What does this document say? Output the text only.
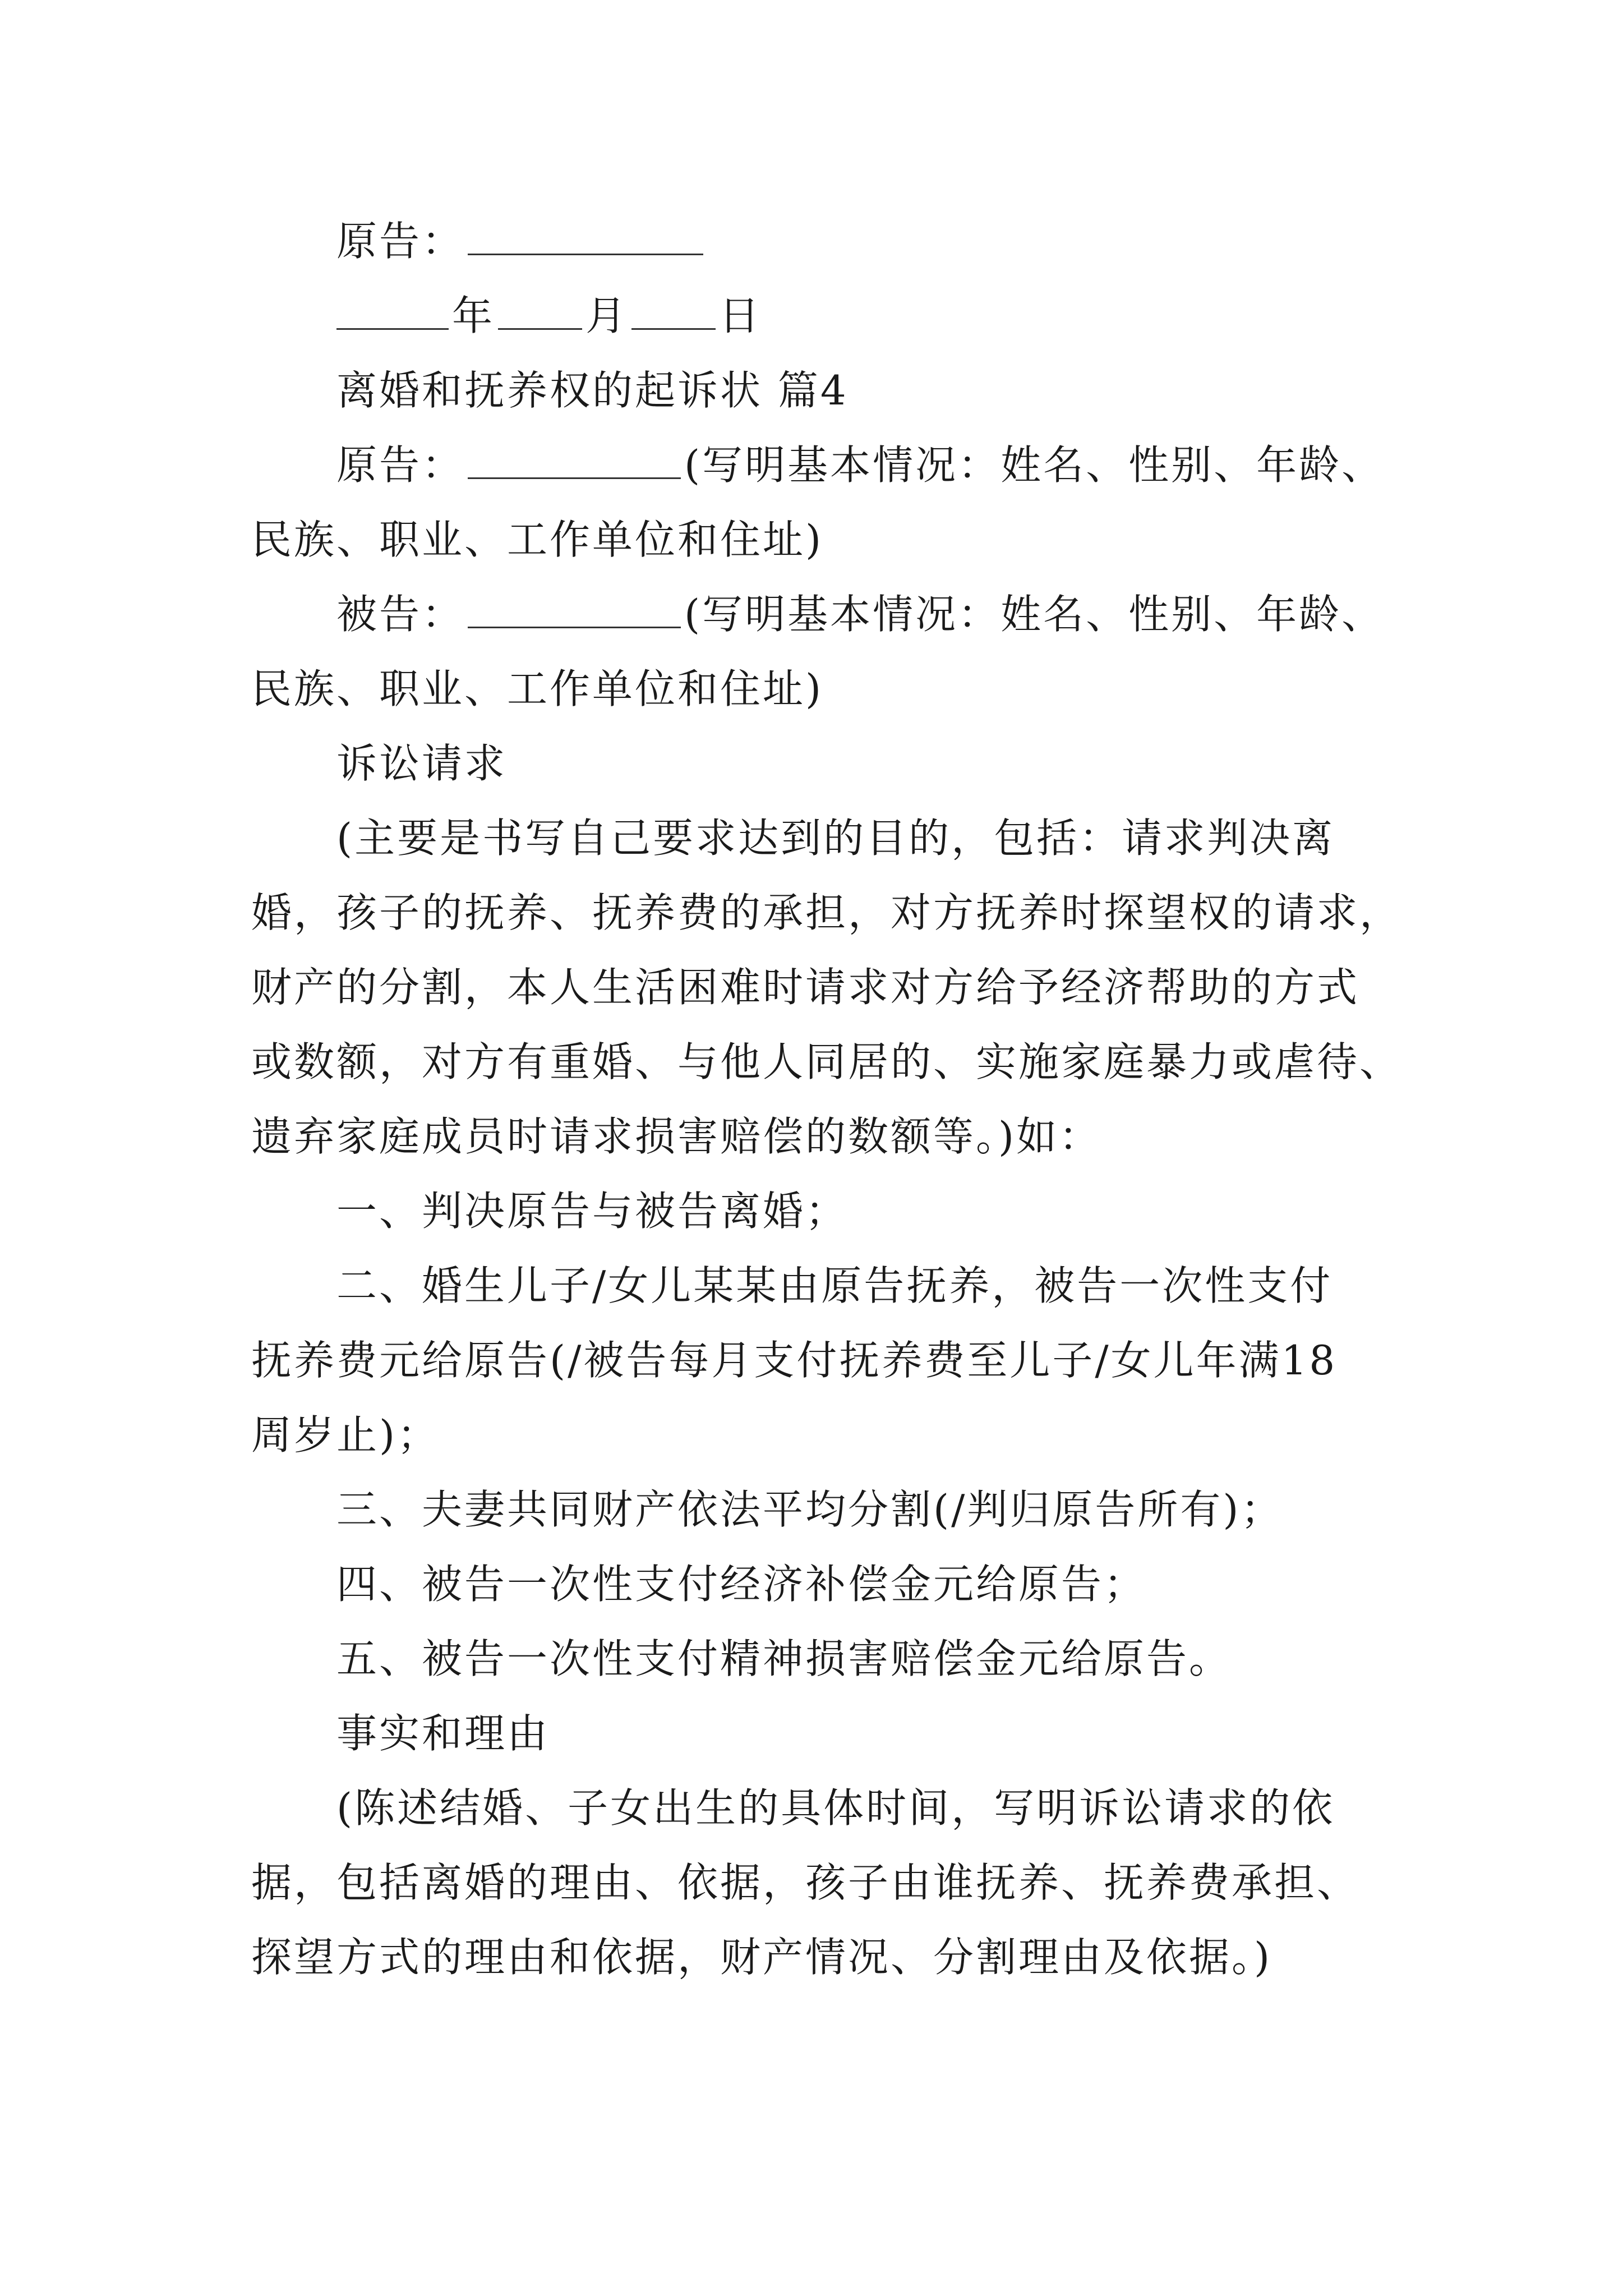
原告：
年 月 日
离婚和抚养权的起诉状 篇4
原告：	(写明基本情况：姓名、性别、年龄、
民族、职业、工作单位和住址)
被告：	(写明基本情况：姓名、性别、年龄、
民族、职业、工作单位和住址)
诉讼请求
(主要是书写自己要求达到的目的，包括：请求判决离
婚，孩子的抚养、抚养费的承担，对方抚养时探望权的请求，
财产的分割，本人生活困难时请求对方给予经济帮助的方式
或数额，对方有重婚、与他人同居的、实施家庭暴力或虐待、
遗弃家庭成员时请求损害赔偿的数额等。)如：
一、判决原告与被告离婚；
二、婚生儿子/女儿某某由原告抚养，被告一次性支付
抚养费元给原告(/被告每月支付抚养费至儿子/女儿年满18
周岁止)；
三、夫妻共同财产依法平均分割(/判归原告所有)；
四、被告一次性支付经济补偿金元给原告；
五、被告一次性支付精神损害赔偿金元给原告。
事实和理由
(陈述结婚、子女出生的具体时间，写明诉讼请求的依
据，包括离婚的理由、依据，孩子由谁抚养、抚养费承担、
探望方式的理由和依据，财产情况、分割理由及依据。)
